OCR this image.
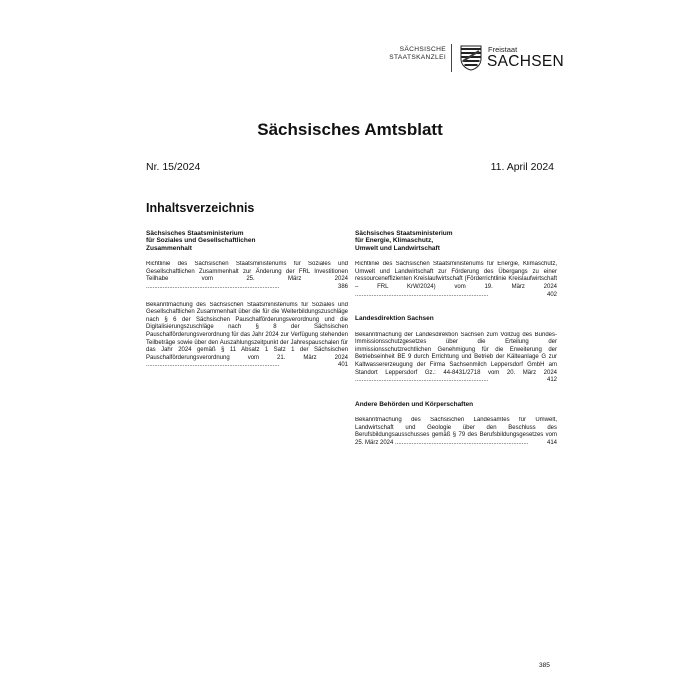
SÄCHSISCHE
STAATSKANZLEI
Freistaat
SACHSEN
Sächsisches Amtsblatt
Nr. 15/2024	11. April 2024
Inhaltsverzeichnis
Sächsisches Staatsministerium
für Soziales und Gesellschaftlichen
Zusammenhalt
Richtlinie des Sächsischen Staatsministeriums für Soziales und Gesellschaftlichen Zusammenhalt zur Änderung der FRL Investitionen Teilhabe vom 25. März 2024 ................................................................................	386
Bekanntmachung des Sächsischen Staatsministeriums für Soziales und Gesellschaftlichen Zusammenhalt über die für die Weiterbildungszuschläge nach § 6 der Sächsischen Pauschalförderungsverordnung und die Digitalisierungszuschläge nach § 8 der Sächsischen Pauschalförderungsverordnung für das Jahr 2024 zur Verfügung stehenden Teilbeträge sowie über den Auszahlungszeitpunkt der Jahrespauschalen für das Jahr 2024 gemäß § 11 Absatz 1 Satz 1 der Sächsischen Pauschalförderungsverordnung vom 21. März 2024 ................................................................................	401
Sächsisches Staatsministerium
für Energie, Klimaschutz,
Umwelt und Landwirtschaft
Richtlinie des Sächsischen Staatsministeriums für Energie, Klimaschutz, Umwelt und Landwirtschaft zur Förderung des Übergangs zu einer ressourceneffizienten Kreislaufwirtschaft (Förderrichtlinie Kreislaufwirtschaft – FRL KrW/2024) vom 19. März 2024 ................................................................................	402
Landesdirektion Sachsen
Bekanntmachung der Landesdirektion Sachsen zum Vollzug des Bundes-Immissionsschutzgesetzes über die Erteilung der immissionsschutzrechtlichen Genehmigung für die Erweiterung der Betriebseinheit BE 9 durch Errichtung und Betrieb der Kälteanlage G zur Kaltwassererzeugung der Firma Sachsenmilch Leppersdorf GmbH am Standort Leppersdorf Gz.: 44-8431/2718 vom 20. März 2024 ................................................................................	412
Andere Behörden und Körperschaften
Bekanntmachung des Sächsischen Landesamtes für Umwelt, Landwirtschaft und Geologie über den Beschluss des Berufsbildungsausschusses gemäß § 79 des Berufsbildungsgesetzes vom 25. März 2024 ................................................................................	414
385
